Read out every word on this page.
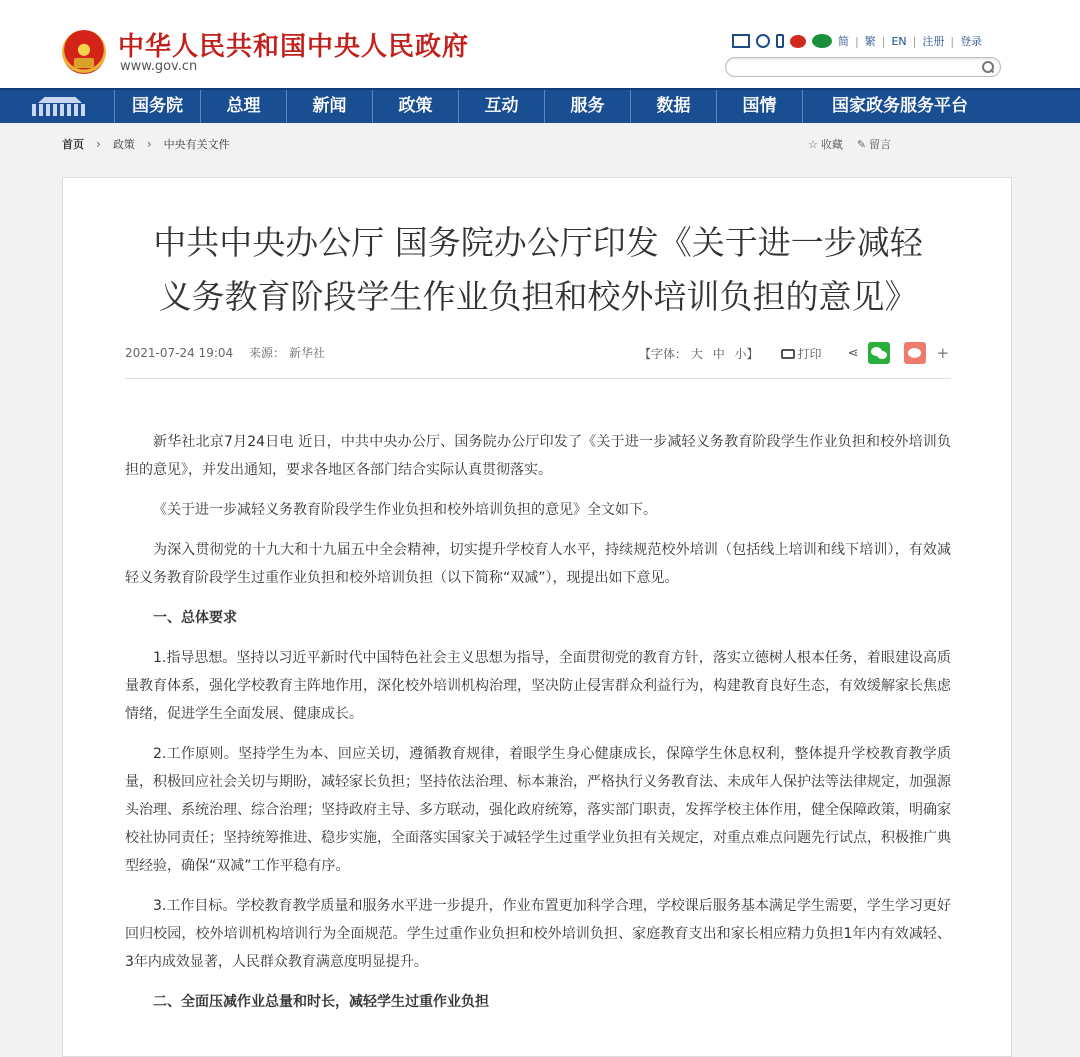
中华人民共和国中央人民政府
www.gov.cn
简 | 繁 | EN | 注册 | 登录
国务院	总理	新闻	政策	互动	服务	数据	国情	国家政务服务平台
首页 › 政策 › 中央有关文件	☆ 收藏 ✎ 留言
中共中央办公厅 国务院办公厅印发《关于进一步减轻
义务教育阶段学生作业负担和校外培训负担的意见》
2021-07-24 19:04 来源： 新华社	【字体： 大 中 小】	打印 ⋖	+

新华社北京7月24日电 近日，中共中央办公厅、国务院办公厅印发了《关于进一步减轻义务教育阶段学生作业负担和校外培训负担的意见》，并发出通知，要求各地区各部门结合实际认真贯彻落实。

《关于进一步减轻义务教育阶段学生作业负担和校外培训负担的意见》全文如下。

为深入贯彻党的十九大和十九届五中全会精神，切实提升学校育人水平，持续规范校外培训（包括线上培训和线下培训），有效减轻义务教育阶段学生过重作业负担和校外培训负担（以下简称“双减”），现提出如下意见。

一、总体要求

1.指导思想。坚持以习近平新时代中国特色社会主义思想为指导，全面贯彻党的教育方针，落实立德树人根本任务，着眼建设高质量教育体系，强化学校教育主阵地作用，深化校外培训机构治理，坚决防止侵害群众利益行为，构建教育良好生态，有效缓解家长焦虑情绪，促进学生全面发展、健康成长。

2.工作原则。坚持学生为本、回应关切，遵循教育规律，着眼学生身心健康成长，保障学生休息权利，整体提升学校教育教学质量，积极回应社会关切与期盼，减轻家长负担；坚持依法治理、标本兼治，严格执行义务教育法、未成年人保护法等法律规定，加强源头治理、系统治理、综合治理；坚持政府主导、多方联动，强化政府统筹，落实部门职责，发挥学校主体作用，健全保障政策，明确家校社协同责任；坚持统筹推进、稳步实施，全面落实国家关于减轻学生过重学业负担有关规定，对重点难点问题先行试点，积极推广典型经验，确保“双减”工作平稳有序。

3.工作目标。学校教育教学质量和服务水平进一步提升，作业布置更加科学合理，学校课后服务基本满足学生需要，学生学习更好回归校园，校外培训机构培训行为全面规范。学生过重作业负担和校外培训负担、家庭教育支出和家长相应精力负担1年内有效减轻、3年内成效显著，人民群众教育满意度明显提升。

二、全面压减作业总量和时长，减轻学生过重作业负担
